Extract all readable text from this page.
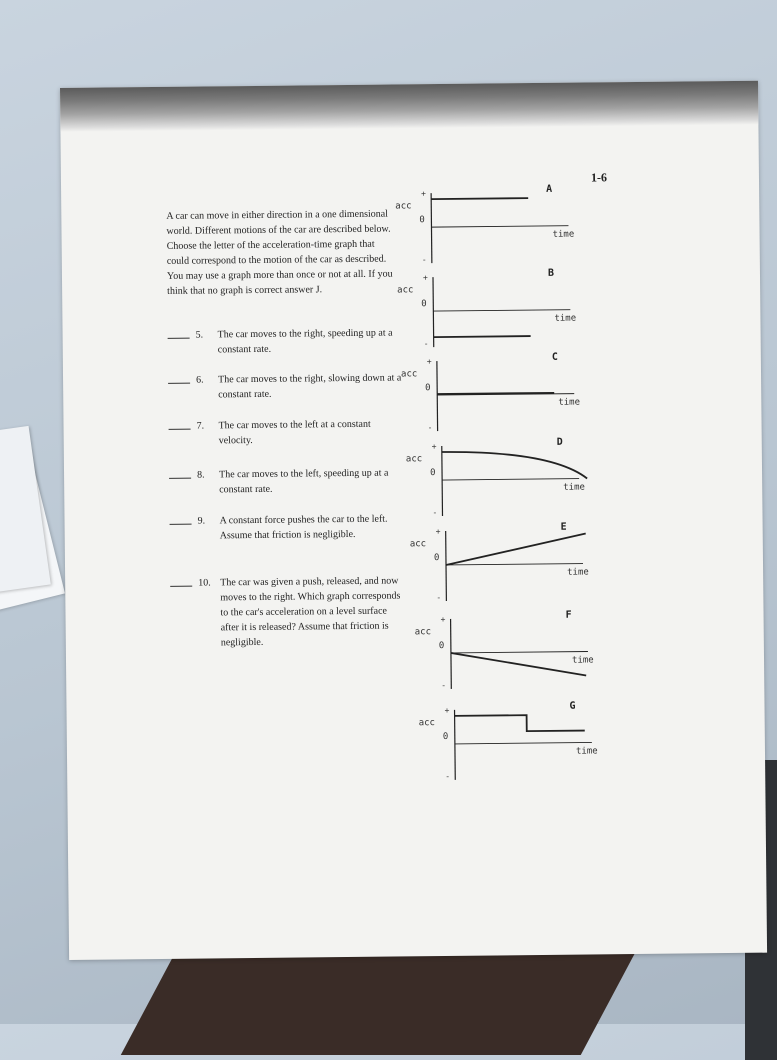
1-6
A car can move in either direction in a one dimensional world. Different motions of the car are described below. Choose the letter of the acceleration-time graph that could correspond to the motion of the car as described. You may use a graph more than once or not at all. If you think that no graph is correct answer J.
5.	The car moves to the right, speeding up at a constant rate.
6.	The car moves to the right, slowing down at a constant rate.
7.	The car moves to the left at a constant velocity.
8.	The car moves to the left, speeding up at a constant rate.
9.	A constant force pushes the car to the left. Assume that friction is negligible.
10. The car was given a push, released, and now moves to the right. Which graph corresponds to the car's acceleration on a level surface after it is released? Assume that friction is negligible.
+
acc
0
-
time
A
+
acc
0
-
time
B
+
acc
0
-
time
C
+
acc
0
-
time
D
+
acc
0
-
time
E
+
acc
0
-
time
F
+
acc
0
-
time
G
